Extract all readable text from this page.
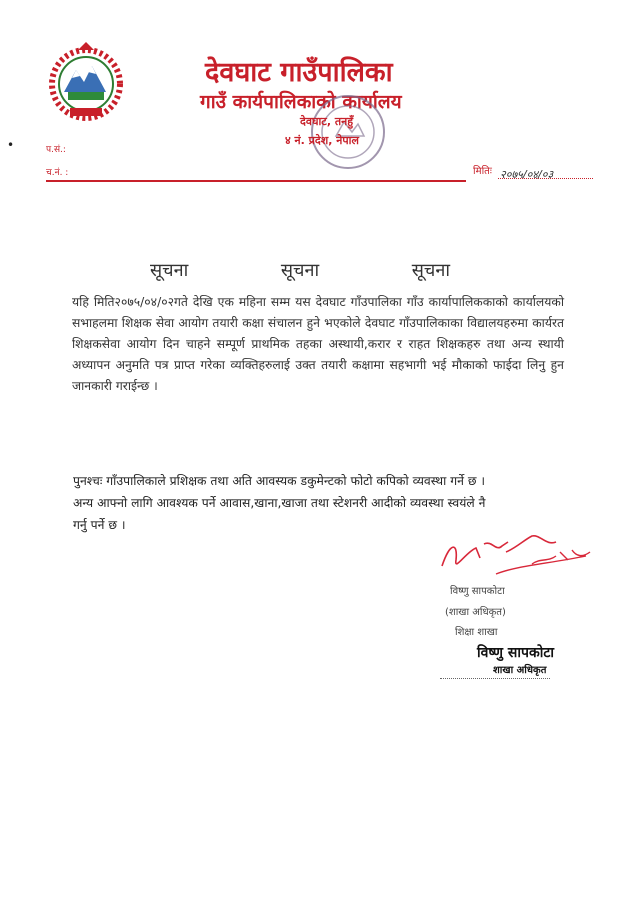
देवघाट गाउँपालिका
गाउँ कार्यपालिकाको कार्यालय
देवघाट, तनहुँ
४ नं. प्रदेश, नेपाल
•	प.सं.:
च.नं. :	मितिः २०७५/०४/०३
सूचना	सूचना	सूचना
यहि मिति२०७५/०४/०२गते देखि एक महिना सम्म यस देवघाट गाँउपालिका गाँउ कार्यापालिककाको कार्यालयको सभाहलमा शिक्षक सेवा आयोग तयारी कक्षा संचालन हुने भएकोले देवघाट गाँउपालिकाका विद्यालयहरुमा कार्यरत शिक्षकसेवा आयोग दिन चाहने सम्पूर्ण प्राथमिक तहका अस्थायी,करार र राहत शिक्षकहरु तथा अन्य स्थायी अध्यापन अनुमति पत्र प्राप्त गरेका व्यक्तिहरुलाई उक्त तयारी कक्षामा सहभागी भई मौकाको फाईदा लिनु हुन जानकारी गराईन्छ ।
पुनश्चः गाँउपालिकाले प्रशिक्षक तथा अति आवस्यक डकुमेन्टको फोटो कपिको व्यवस्था गर्ने छ । अन्य आफ्नो लागि आवश्यक पर्ने आवास,खाना,खाजा तथा स्टेशनरी आदीको व्यवस्था स्वयंले नै गर्नु पर्ने छ ।
विष्णु सापकोटा
(शाखा अधिकृत)
शिक्षा शाखा
विष्णु सापकोटा
शाखा अधिकृत
